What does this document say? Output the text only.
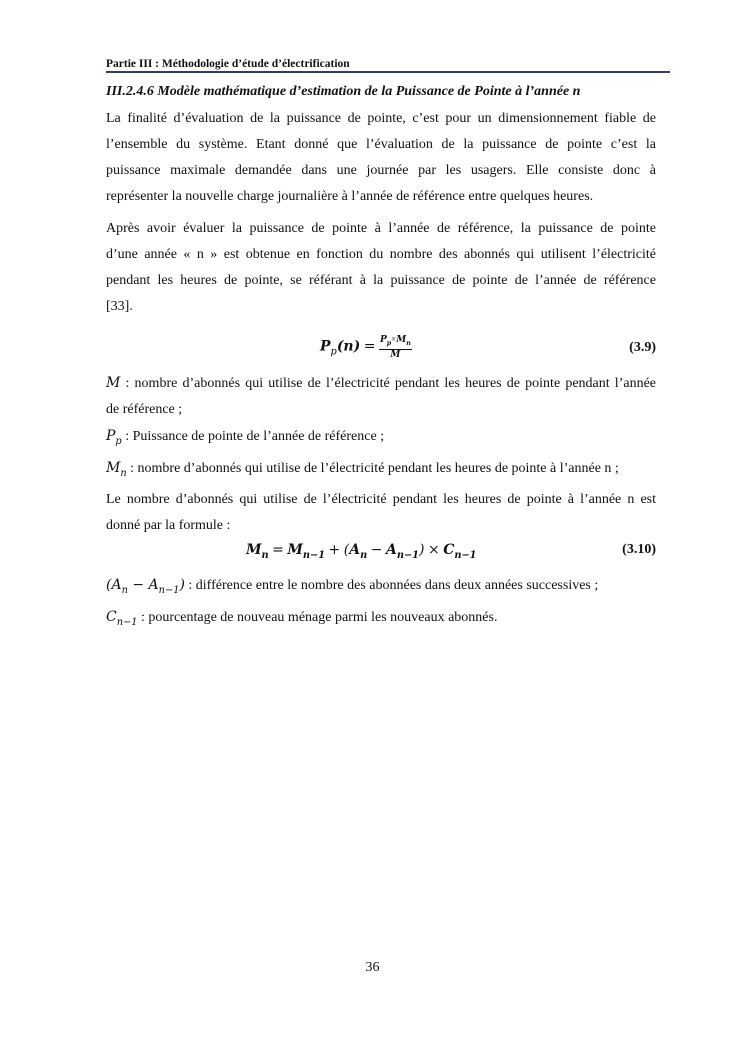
Partie III : Méthodologie d’étude d’électrification
III.2.4.6 Modèle mathématique d’estimation de la Puissance de Pointe à l’année n
La finalité d’évaluation de la puissance de pointe, c’est pour un dimensionnement fiable de
l’ensemble du système. Etant donné que l’évaluation de la puissance de pointe c’est la
puissance maximale demandée dans une journée par les usagers. Elle consiste donc à
représenter la nouvelle charge journalière à l’année de référence entre quelques heures.
Après avoir évaluer la puissance de pointe à l’année de référence, la puissance de pointe
d’une année « n » est obtenue en fonction du nombre des abonnés qui utilisent l’électricité
pendant les heures de pointe, se référant à la puissance de pointe de l’année de référence
[33].
$P_p(n) = \frac{P_p\times M_n}{M}$	(3.9)
M : nombre d’abonnés qui utilise de l’électricité pendant les heures de pointe pendant l’année
de référence ;
$P_p$ : Puissance de pointe de l’année de référence ;
$M_n$ : nombre d’abonnés qui utilise de l’électricité pendant les heures de pointe à l’année n ;
Le nombre d’abonnés qui utilise de l’électricité pendant les heures de pointe à l’année n est
donné par la formule :
$M_n = M_{n-1} + (A_n - A_{n-1}) \times C_{n-1}$	(3.10)
$(A_n - A_{n-1})$ : différence entre le nombre des abonnées dans deux années successives ;
$C_{n-1}$ : pourcentage de nouveau ménage parmi les nouveaux abonnés.
36
